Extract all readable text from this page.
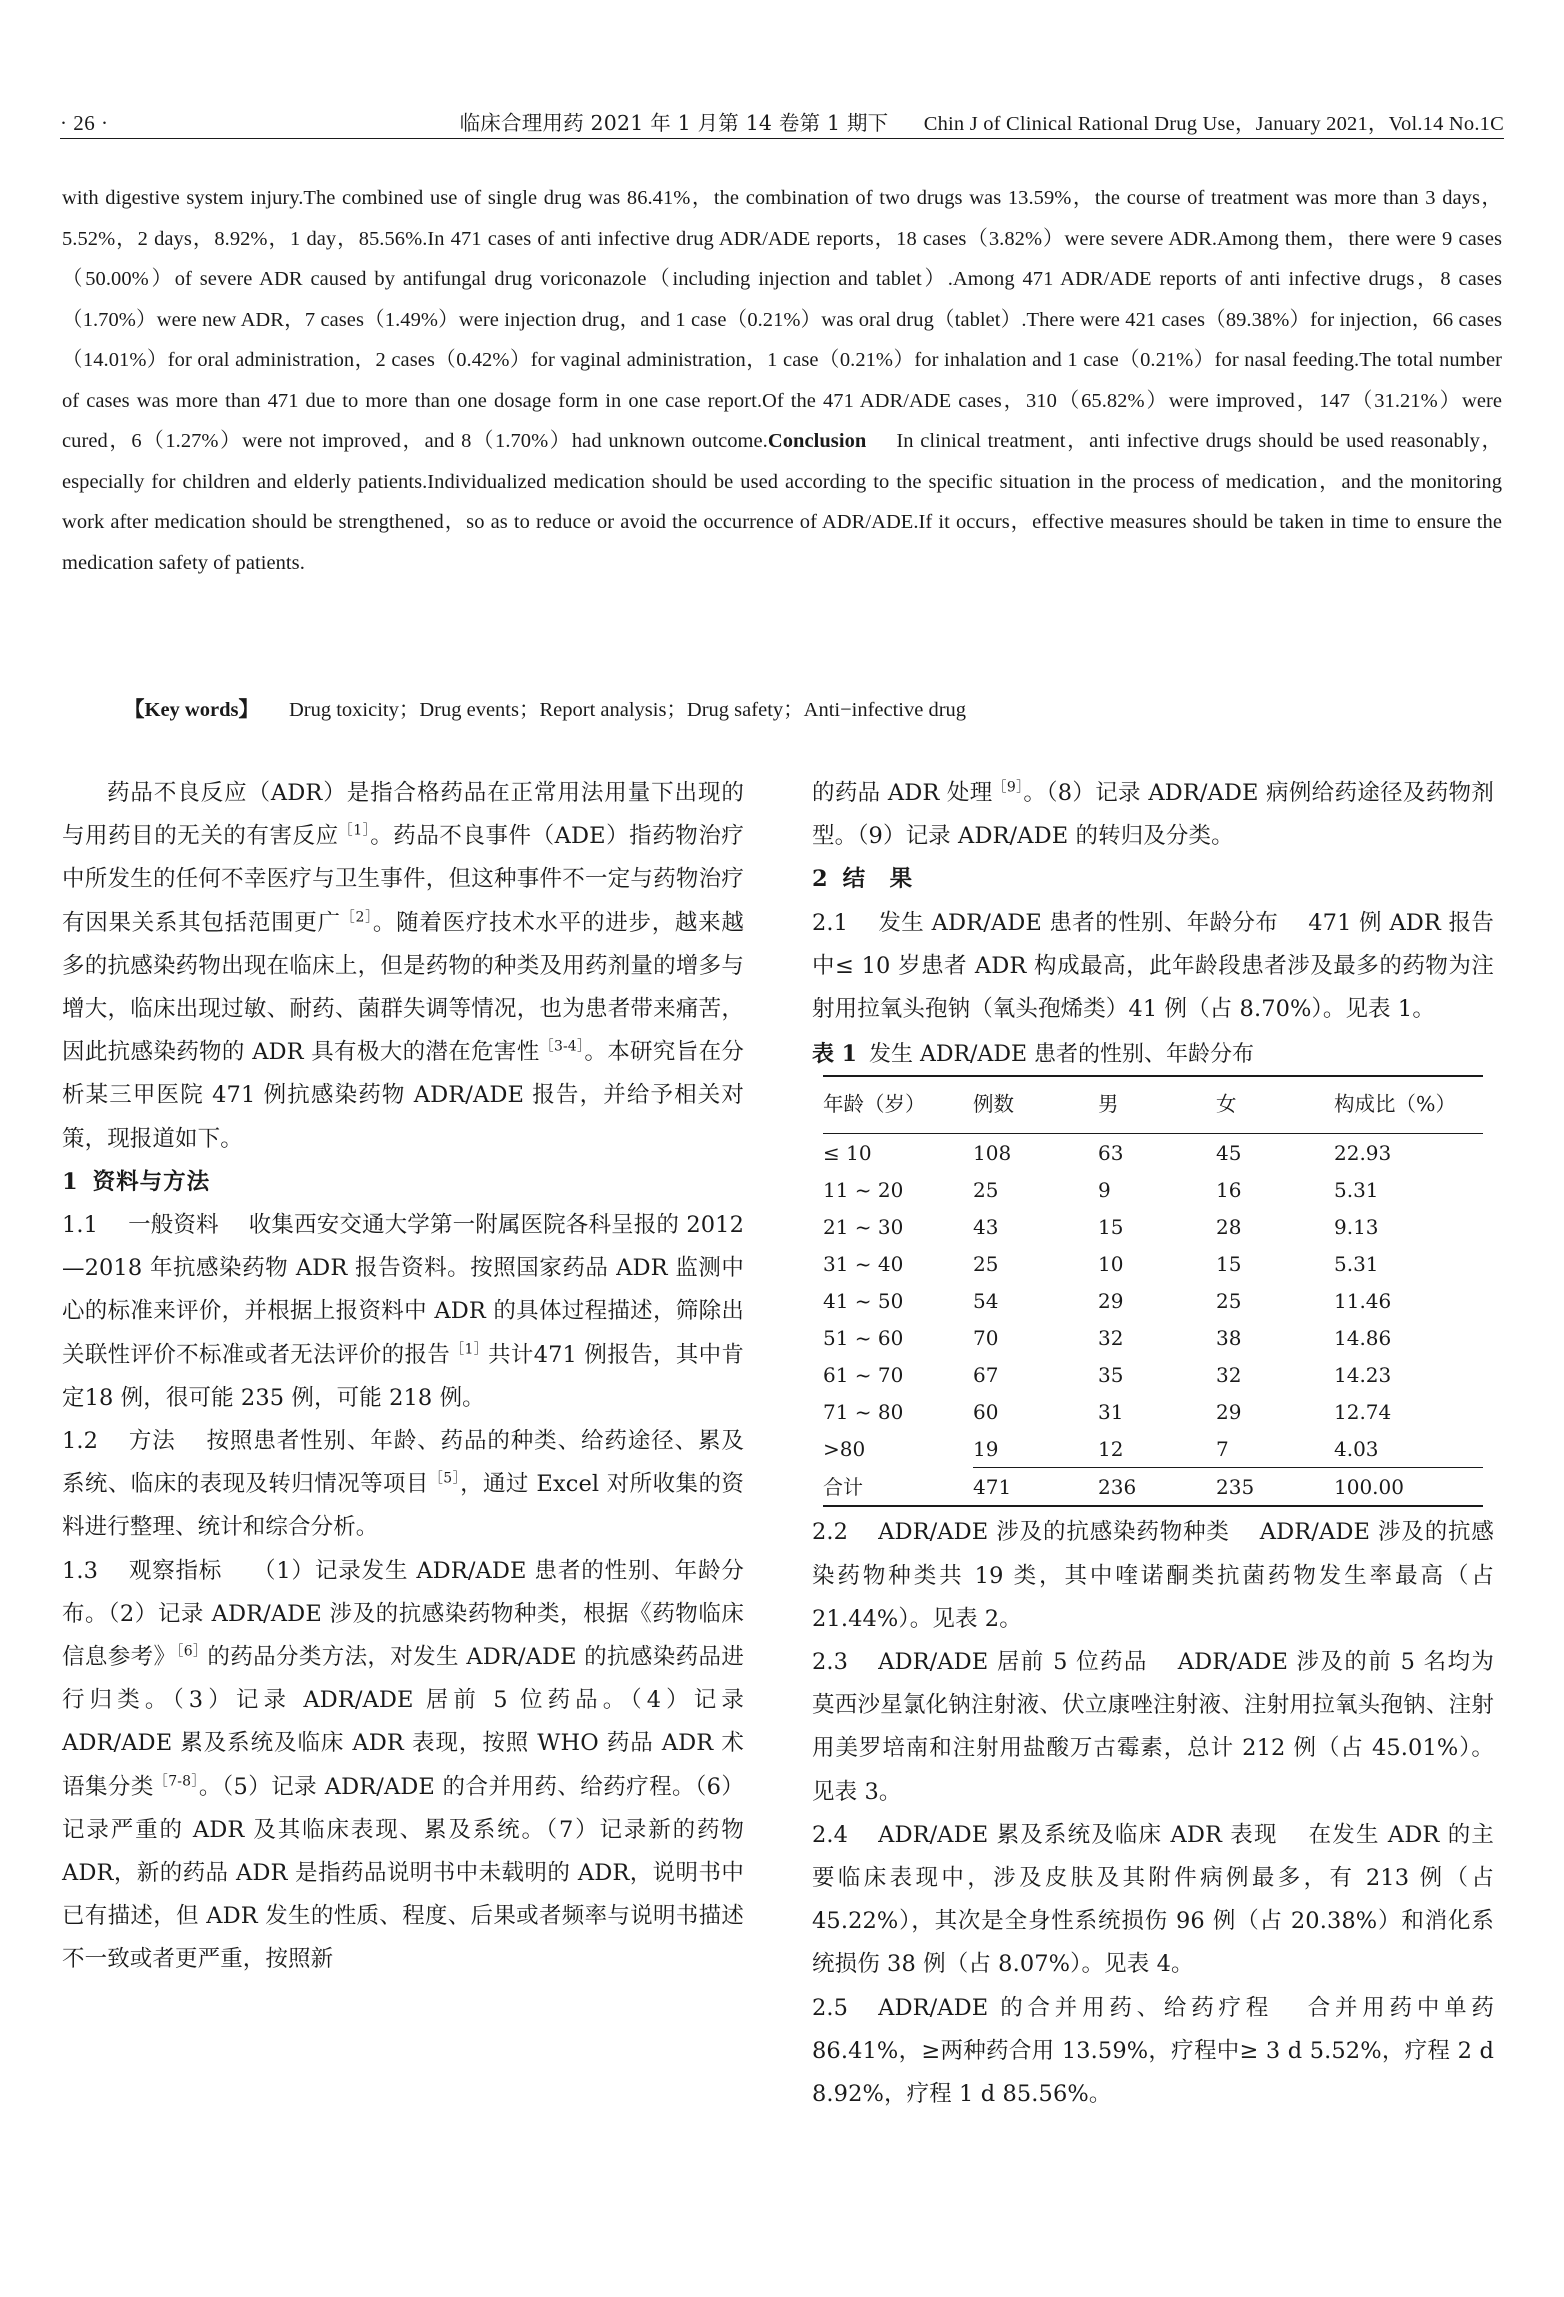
· 26 ·	临床合理用药 2021 年 1 月第 14 卷第 1 期下 Chin J of Clinical Rational Drug Use，January 2021，Vol.14 No.1C

with digestive system injury.The combined use of single drug was 86.41%，the combination of two drugs was 13.59%，the course of treatment was more than 3 days，5.52%，2 days，8.92%，1 day，85.56%.In 471 cases of anti infective drug ADR/ADE reports，18 cases（3.82%）were severe ADR.Among them，there were 9 cases（50.00%）of severe ADR caused by antifungal drug voriconazole（including injection and tablet）.Among 471 ADR/ADE reports of anti infective drugs，8 cases（1.70%）were new ADR，7 cases（1.49%）were injection drug，and 1 case（0.21%）was oral drug（tablet）.There were 421 cases（89.38%）for injection，66 cases（14.01%）for oral administration，2 cases（0.42%）for vaginal administration，1 case（0.21%）for inhalation and 1 case（0.21%）for nasal feeding.The total number of cases was more than 471 due to more than one dosage form in one case report.Of the 471 ADR/ADE cases，310（65.82%）were improved，147（31.21%）were cured，6（1.27%）were not improved，and 8（1.70%）had unknown outcome.Conclusion In clinical treatment，anti infective drugs should be used reasonably，especially for children and elderly patients.Individualized medication should be used according to the specific situation in the process of medication，and the monitoring work after medication should be strengthened，so as to reduce or avoid the occurrence of ADR/ADE.If it occurs，effective measures should be taken in time to ensure the medication safety of patients.

【Key words】 Drug toxicity；Drug events；Report analysis；Drug safety；Anti−infective drug

药品不良反应（ADR）是指合格药品在正常用法用量下出现的与用药目的无关的有害反应$^{[1]}$。药品不良事件（ADE）指药物治疗中所发生的任何不幸医疗与卫生事件，但这种事件不一定与药物治疗有因果关系其包括范围更广$^{[2]}$。随着医疗技术水平的进步，越来越多的抗感染药物出现在临床上，但是药物的种类及用药剂量的增多与增大，临床出现过敏、耐药、菌群失调等情况，也为患者带来痛苦，因此抗感染药物的 ADR 具有极大的潜在危害性$^{[3-4]}$。本研究旨在分析某三甲医院 471 例抗感染药物 ADR/ADE 报告，并给予相关对策，现报道如下。

1 资料与方法

1.1 一般资料 收集西安交通大学第一附属医院各科呈报的 2012—2018 年抗感染药物 ADR 报告资料。按照国家药品 ADR 监测中心的标准来评价，并根据上报资料中 ADR 的具体过程描述，筛除出关联性评价不标准或者无法评价的报告$^{[1]}$共计471 例报告，其中肯定18 例，很可能 235 例，可能 218 例。

1.2 方法 按照患者性别、年龄、药品的种类、给药途径、累及系统、临床的表现及转归情况等项目$^{[5]}$，通过 Excel 对所收集的资料进行整理、统计和综合分析。

1.3 观察指标 （1）记录发生 ADR/ADE 患者的性别、年龄分布。（2）记录 ADR/ADE 涉及的抗感染药物种类，根据《药物临床信息参考》$^{[6]}$的药品分类方法，对发生 ADR/ADE 的抗感染药品进行归类。（3）记录 ADR/ADE 居前 5 位药品。（4）记录 ADR/ADE 累及系统及临床 ADR 表现，按照 WHO 药品 ADR 术语集分类$^{[7-8]}$。（5）记录 ADR/ADE 的合并用药、给药疗程。（6）记录严重的 ADR 及其临床表现、累及系统。（7）记录新的药物 ADR，新的药品 ADR 是指药品说明书中未载明的 ADR，说明书中已有描述，但 ADR 发生的性质、程度、后果或者频率与说明书描述不一致或者更严重，按照新

的药品 ADR 处理$^{[9]}$。（8）记录 ADR/ADE 病例给药途径及药物剂型。（9）记录 ADR/ADE 的转归及分类。

2 结　果

2.1 发生 ADR/ADE 患者的性别、年龄分布 471 例 ADR 报告中≤ 10 岁患者 ADR 构成最高，此年龄段患者涉及最多的药物为注射用拉氧头孢钠（氧头孢烯类）41 例（占 8.70%）。见表 1。

表 1 发生 ADR/ADE 患者的性别、年龄分布
年龄（岁）	例数	男	女	构成比（%）
≤ 10	108	63	45	22.93
11 ~ 20	25	9	16	5.31
21 ~ 30	43	15	28	9.13
31 ~ 40	25	10	15	5.31
41 ~ 50	54	29	25	11.46
51 ~ 60	70	32	38	14.86
61 ~ 70	67	35	32	14.23
71 ~ 80	60	31	29	12.74
>80	19	12	7	4.03
合计	471	236	235	100.00

2.2 ADR/ADE 涉及的抗感染药物种类 ADR/ADE 涉及的抗感染药物种类共 19 类，其中喹诺酮类抗菌药物发生率最高（占 21.44%）。见表 2。

2.3 ADR/ADE 居前 5 位药品 ADR/ADE 涉及的前 5 名均为莫西沙星氯化钠注射液、伏立康唑注射液、注射用拉氧头孢钠、注射用美罗培南和注射用盐酸万古霉素，总计 212 例（占 45.01%）。见表 3。

2.4 ADR/ADE 累及系统及临床 ADR 表现 在发生 ADR 的主要临床表现中，涉及皮肤及其附件病例最多，有 213 例（占 45.22%），其次是全身性系统损伤 96 例（占 20.38%）和消化系统损伤 38 例（占 8.07%）。见表 4。

2.5 ADR/ADE 的合并用药、给药疗程 合并用药中单药 86.41%，≥两种药合用 13.59%，疗程中≥ 3 d 5.52%，疗程 2 d 8.92%，疗程 1 d 85.56%。
